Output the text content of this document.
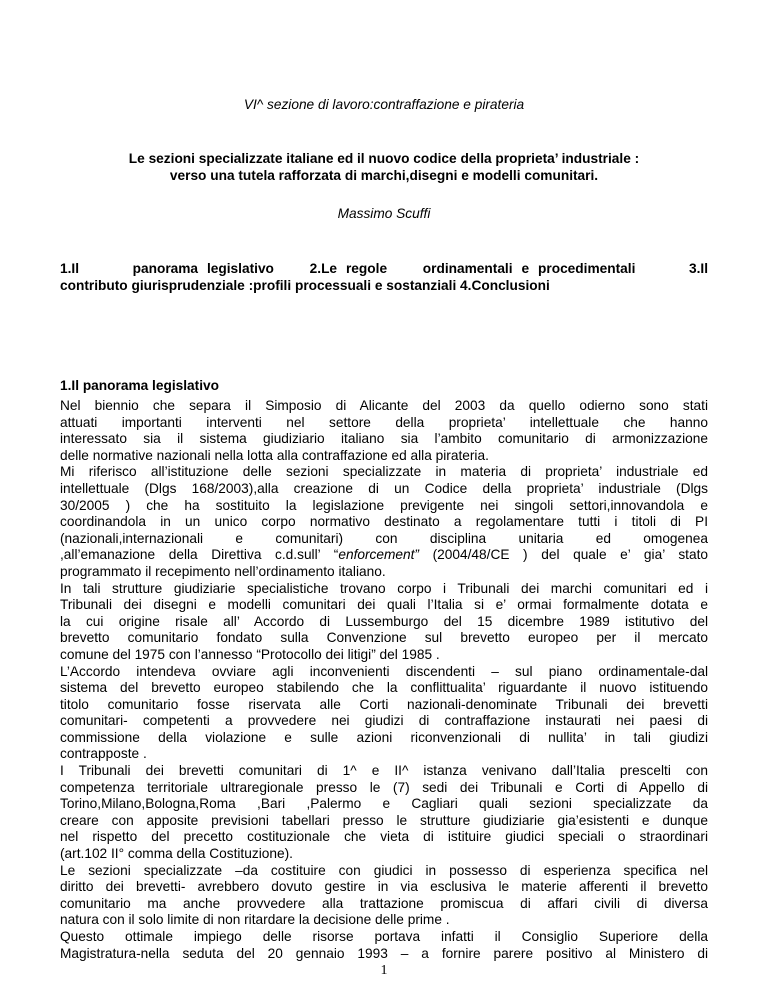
VI^ sezione di lavoro:contraffazione e pirateria
Le sezioni specializzate italiane ed il nuovo codice della proprieta’ industriale :
verso una tutela rafforzata di marchi,disegni e modelli comunitari.
Massimo Scuffi
1.Il      panorama legislativo    2.Le regole    ordinamentali e procedimentali      3.Il
contributo giurisprudenziale :profili processuali e sostanziali 4.Conclusioni
1.Il panorama legislativo
Nel biennio che separa il Simposio di Alicante del 2003 da quello odierno sono stati
attuati importanti interventi nel settore della proprieta’ intellettuale che hanno
interessato sia il sistema giudiziario italiano sia l’ambito comunitario di armonizzazione
delle normative nazionali nella lotta alla contraffazione ed alla pirateria.
Mi riferisco all’istituzione delle sezioni specializzate in materia di proprieta’ industriale ed
intellettuale (Dlgs 168/2003),alla creazione di un Codice della proprieta’ industriale (Dlgs
30/2005 ) che ha sostituito la legislazione previgente nei singoli settori,innovandola e
coordinandola in un unico corpo normativo destinato a regolamentare tutti i titoli di PI
(nazionali,internazionali e comunitari) con disciplina unitaria ed omogenea
,all’emanazione della Direttiva c.d.sull’ “enforcement” (2004/48/CE ) del quale e’ gia’ stato
programmato il recepimento nell’ordinamento italiano.
In tali strutture giudiziarie specialistiche trovano corpo i Tribunali dei marchi comunitari ed i
Tribunali dei disegni e modelli comunitari dei quali l’Italia si e’ ormai formalmente dotata e
la cui origine risale all’ Accordo di Lussemburgo del 15 dicembre 1989 istitutivo del
brevetto comunitario fondato sulla Convenzione sul brevetto europeo per il mercato
comune del 1975 con l’annesso “Protocollo dei litigi” del 1985 .
L’Accordo intendeva ovviare agli inconvenienti discendenti – sul piano ordinamentale-dal
sistema del brevetto europeo stabilendo che la conflittualita’ riguardante il nuovo istituendo
titolo comunitario fosse riservata alle Corti nazionali-denominate Tribunali dei brevetti
comunitari- competenti a provvedere nei giudizi di contraffazione instaurati nei paesi di
commissione della violazione e sulle azioni riconvenzionali di nullita’ in tali giudizi
contrapposte .
I Tribunali dei brevetti comunitari di 1^ e II^ istanza venivano dall’Italia prescelti con
competenza territoriale ultraregionale presso le (7) sedi dei Tribunali e Corti di Appello di
Torino,Milano,Bologna,Roma ,Bari ,Palermo e Cagliari quali sezioni specializzate da
creare con apposite previsioni tabellari presso le strutture giudiziarie gia’esistenti e dunque
nel rispetto del precetto costituzionale che vieta di istituire giudici speciali o straordinari
(art.102 II° comma della Costituzione).
Le sezioni specializzate –da costituire con giudici in possesso di esperienza specifica nel
diritto dei brevetti- avrebbero dovuto gestire in via esclusiva le materie afferenti il brevetto
comunitario ma anche provvedere alla trattazione promiscua di affari civili di diversa
natura con il solo limite di non ritardare la decisione delle prime .
Questo ottimale impiego delle risorse portava infatti il Consiglio Superiore della
Magistratura-nella seduta del 20 gennaio 1993 – a fornire parere positivo al Ministero di
1
